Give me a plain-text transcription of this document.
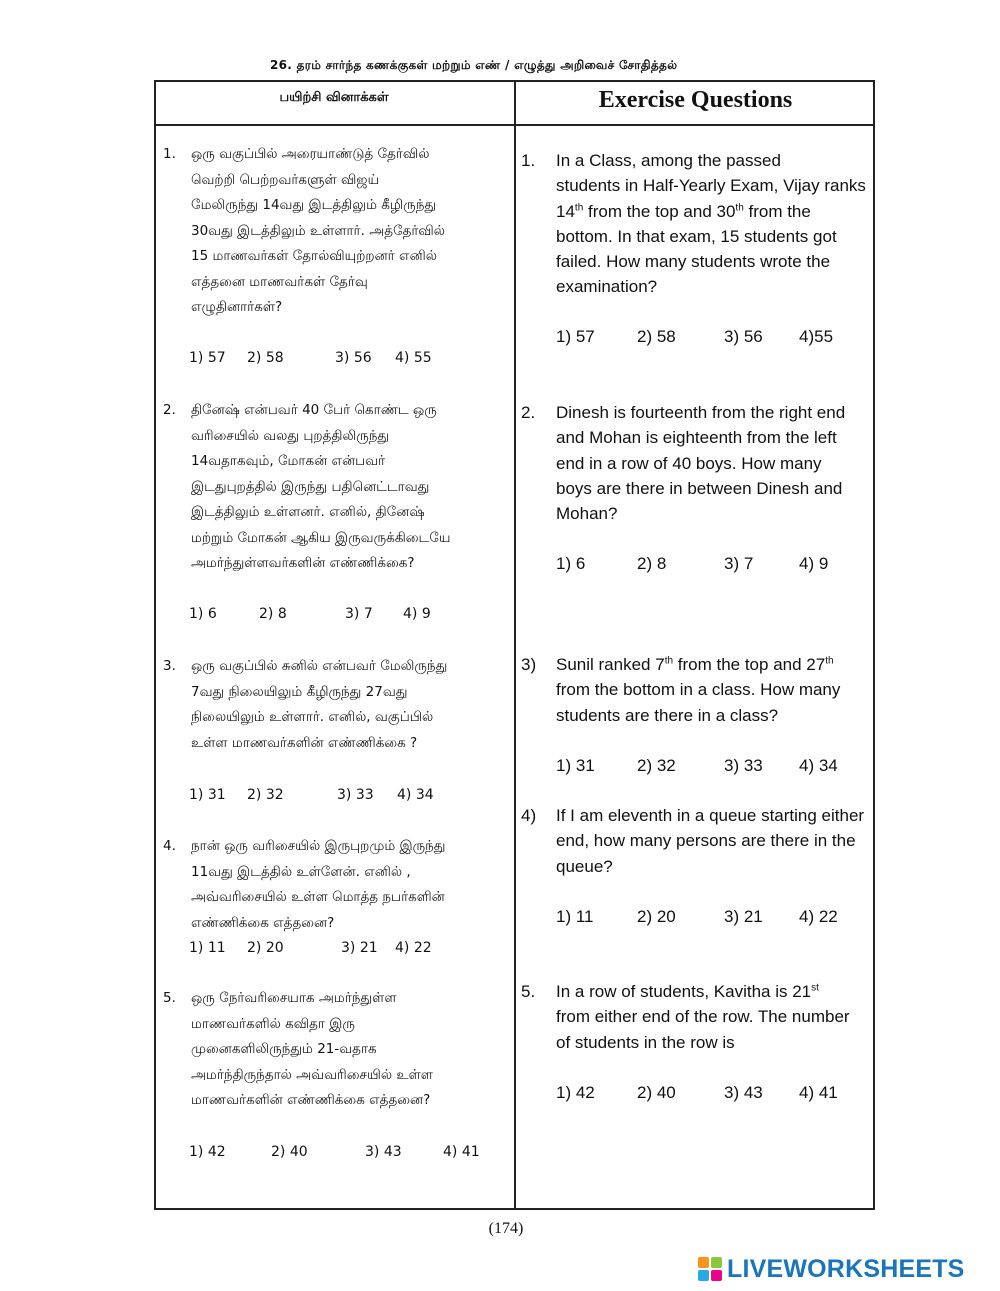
26. தரம் சார்ந்த கணக்குகள் மற்றும் எண் / எழுத்து அறிவைச் சோதித்தல்
பயிற்சி வினாக்கள்	Exercise Questions
1. ஒரு வகுப்பில் அரையாண்டுத் தேர்வில்
வெற்றி பெற்றவர்களுள் விஜய்
மேலிருந்து 14வது இடத்திலும் கீழிருந்து
30வது இடத்திலும் உள்ளார். அத்தேர்வில்
15 மாணவர்கள் தோல்வியுற்றனர் எனில்
எத்தனை மாணவர்கள் தேர்வு
எழுதினார்கள்?
1) 57 2) 58	3) 56 4) 55
2. தினேஷ் என்பவர் 40 பேர் கொண்ட ஒரு
வரிசையில் வலது புறத்திலிருந்து
14வதாகவும், மோகன் என்பவர்
இடதுபுறத்தில் இருந்து பதினெட்டாவது
இடத்திலும் உள்ளனர். எனில், தினேஷ்
மற்றும் மோகன் ஆகிய இருவருக்கிடையே
அமர்ந்துள்ளவர்களின் எண்ணிக்கை?
1) 6	2) 8	3) 7 4) 9
3. ஒரு வகுப்பில் சுனில் என்பவர் மேலிருந்து
7வது நிலையிலும் கீழிருந்து 27வது
நிலையிலும் உள்ளார். எனில், வகுப்பில்
உள்ள மாணவர்களின் எண்ணிக்கை ?
1) 31 2) 32	3) 33 4) 34
4. நான் ஒரு வரிசையில் இருபுறமும் இருந்து
11வது இடத்தில் உள்ளேன். எனில் ,
அவ்வரிசையில் உள்ள மொத்த நபர்களின்
எண்ணிக்கை எத்தனை?
1) 11 2) 20	3) 21 4) 22
5. ஒரு நேர்வரிசையாக அமர்ந்துள்ள
மாணவர்களில் கவிதா இரு
முனைகளிலிருந்தும் 21-வதாக
அமர்ந்திருந்தால் அவ்வரிசையில் உள்ள
மாணவர்களின் எண்ணிக்கை எத்தனை?
1) 42	2) 40	3) 43	4) 41
1. In a Class, among the passed
students in Half-Yearly Exam, Vijay ranks
14th from the top and 30th from the
bottom. In that exam, 15 students got
failed. How many students wrote the
examination?
1) 57 2) 58	3) 56 4)55
2. Dinesh is fourteenth from the right end
and Mohan is eighteenth from the left
end in a row of 40 boys. How many
boys are there in between Dinesh and
Mohan?
1) 6	2) 8	3) 7	4) 9
3) Sunil ranked 7th from the top and 27th
from the bottom in a class. How many
students are there in a class?
1) 31 2) 32	3) 33 4) 34
4) If I am eleventh in a queue starting either
end, how many persons are there in the
queue?
1) 11	2) 20	3) 21 4) 22
5. In a row of students, Kavitha is 21st
from either end of the row. The number
of students in the row is
1) 42 2) 40	3) 43 4) 41
(174)
LIVEWORKSHEETS
